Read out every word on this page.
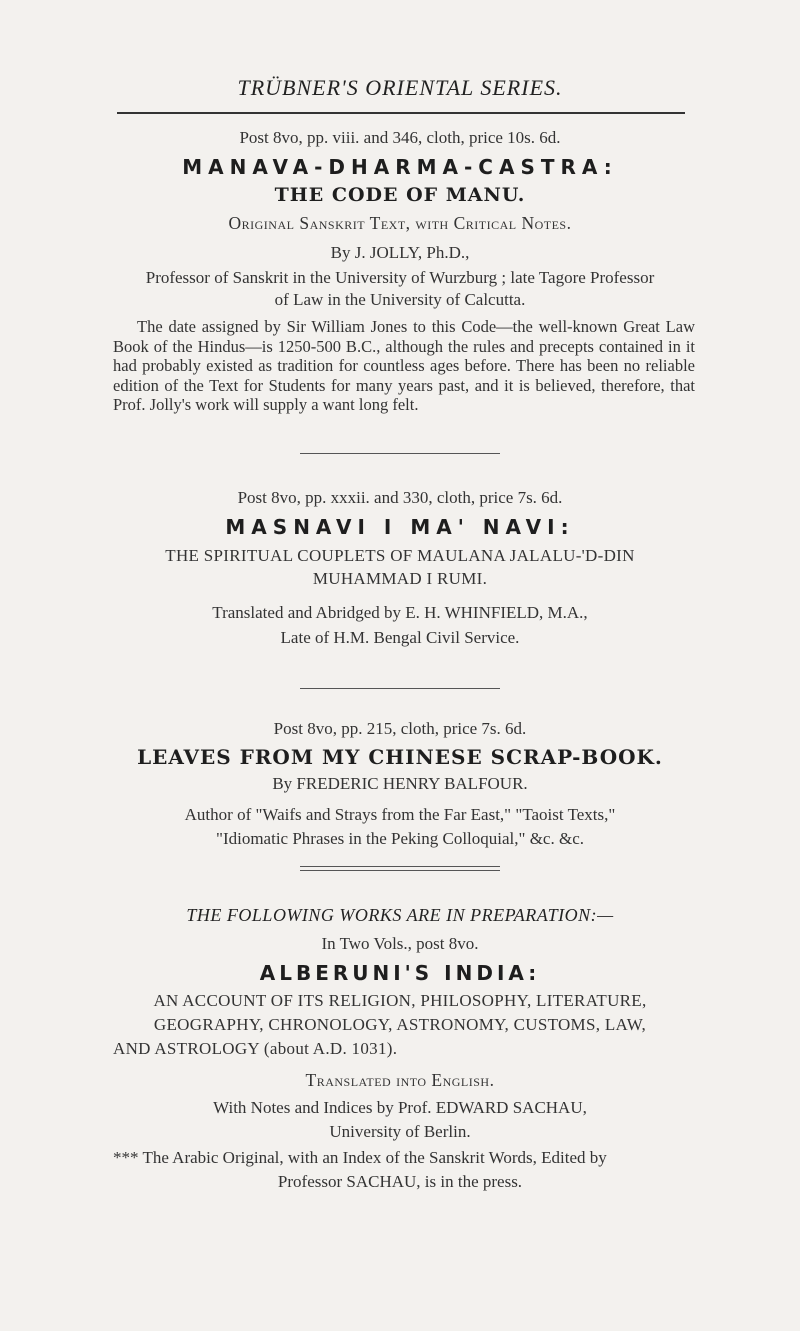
TRÜBNER'S ORIENTAL SERIES.
Post 8vo, pp. viii. and 346, cloth, price 10s. 6d.
MANAVA-DHARMA-CASTRA:
THE CODE OF MANU.
Original Sanskrit Text, with Critical Notes.
By J. JOLLY, Ph.D.,
Professor of Sanskrit in the University of Wurzburg ; late Tagore Professor
of Law in the University of Calcutta.
The date assigned by Sir William Jones to this Code—the well-known Great Law Book of the Hindus—is 1250-500 B.C., although the rules and precepts contained in it had probably existed as tradition for countless ages before. There has been no reliable edition of the Text for Students for many years past, and it is believed, therefore, that Prof. Jolly's work will supply a want long felt.
Post 8vo, pp. xxxii. and 330, cloth, price 7s. 6d.
MASNAVI I MA' NAVI:
THE SPIRITUAL COUPLETS OF MAULANA JALALU-'D-DIN
MUHAMMAD I RUMI.
Translated and Abridged by E. H. WHINFIELD, M.A.,
Late of H.M. Bengal Civil Service.
Post 8vo, pp. 215, cloth, price 7s. 6d.
LEAVES FROM MY CHINESE SCRAP-BOOK.
By FREDERIC HENRY BALFOUR.
Author of "Waifs and Strays from the Far East," "Taoist Texts,"
"Idiomatic Phrases in the Peking Colloquial," &c. &c.
THE FOLLOWING WORKS ARE IN PREPARATION:—
In Two Vols., post 8vo.
ALBERUNI'S INDIA:
AN ACCOUNT OF ITS RELIGION, PHILOSOPHY, LITERATURE,
GEOGRAPHY, CHRONOLOGY, ASTRONOMY, CUSTOMS, LAW,
AND ASTROLOGY (about A.D. 1031).
Translated into English.
With Notes and Indices by Prof. EDWARD SACHAU,
University of Berlin.
*** The Arabic Original, with an Index of the Sanskrit Words, Edited by
Professor SACHAU, is in the press.
